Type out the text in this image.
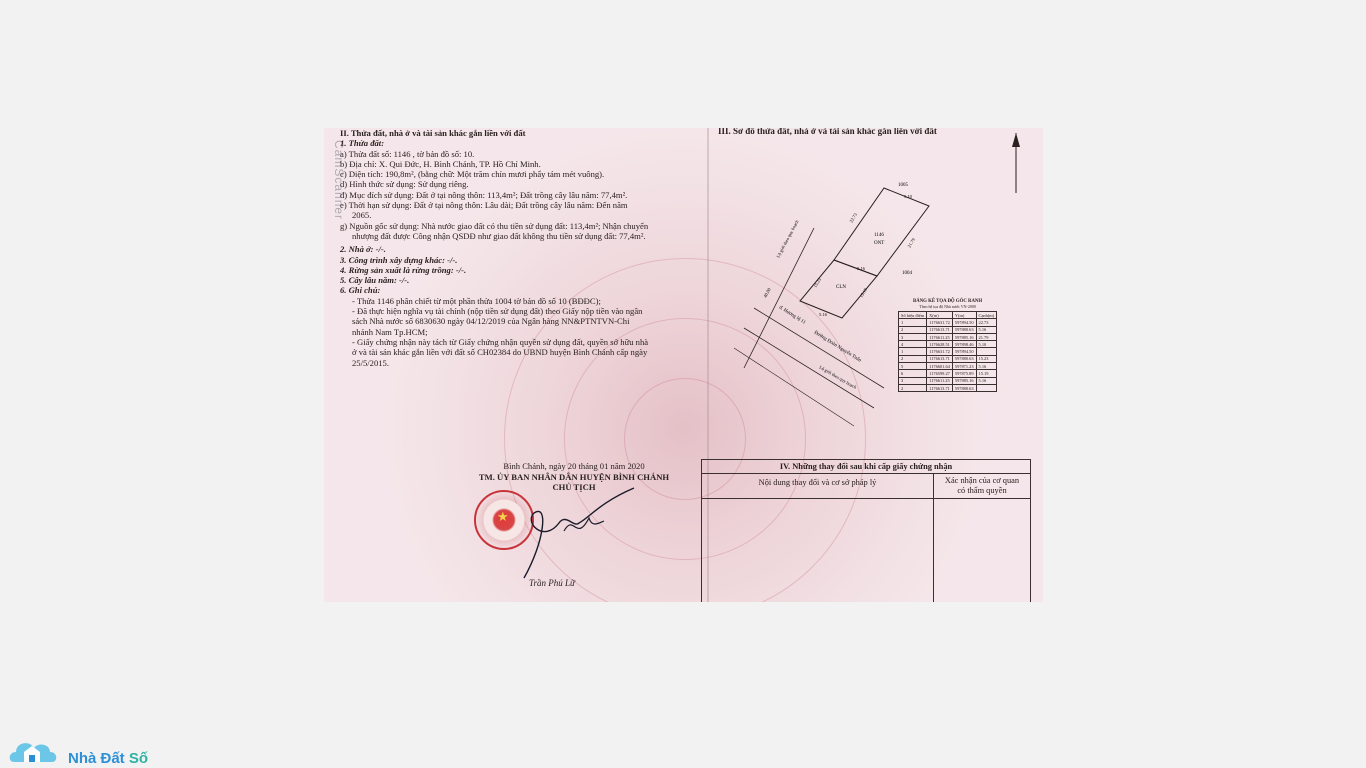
CamScanner

II. Thửa đất, nhà ở và tài sản khác gắn liền với đất

1. Thửa đất:

a) Thửa đất số: 1146 , tờ bản đồ số: 10.

b) Địa chỉ: X. Qui Đức, H. Bình Chánh, TP. Hồ Chí Minh.

c) Diện tích: 190,8m², (bằng chữ: Một trăm chín mươi phẩy tám mét vuông).

d) Hình thức sử dụng: Sử dụng riêng.

đ) Mục đích sử dụng: Đất ở tại nông thôn: 113,4m²; Đất trồng cây lâu năm: 77,4m².

e) Thời hạn sử dụng: Đất ở tại nông thôn: Lâu dài; Đất trồng cây lâu năm: Đến năm

2065.

g) Nguồn gốc sử dụng: Nhà nước giao đất có thu tiền sử dụng đất: 113,4m²; Nhận chuyển

nhượng đất được Công nhận QSDĐ như giao đất không thu tiền sử dụng đất: 77,4m².

2. Nhà ở: -/-.

3. Công trình xây dựng khác: -/-.

4. Rừng sản xuất là rừng trồng: -/-.

5. Cây lâu năm: -/-.

6. Ghi chú:

- Thửa 1146 phân chiết từ một phần thửa 1004 tờ bản đồ số 10 (BĐĐC);

- Đã thực hiện nghĩa vụ tài chính (nộp tiền sử dụng đất) theo Giấy nộp tiền vào ngân

sách Nhà nước số 6830630 ngày 04/12/2019 của Ngân hàng NN&PTNTVN-Chi

nhánh Nam Tp.HCM;

- Giấy chứng nhận này tách từ Giấy chứng nhận quyền sử dụng đất, quyền sở hữu nhà

ở và tài sản khác gắn liền với đất số CH02384 do UBND huyện Bình Chánh cấp ngày

25/5/2015.

Bình Chánh, ngày 20 tháng 01 năm 2020
TM. ỦY BAN NHÂN DÂN HUYỆN BÌNH CHÁNH
CHỦ TỊCH
★
Trần Phú Lữ
III. Sơ đồ thửa đất, nhà ở và tài sản khác gắn liền với đất
1005
1004
1146
ONT
CLN
Lộ giới theo quy hoạch
Lộ giới theo quy hoạch
Đường Đoàn Nguyễn Tuấn
đ. Hương lộ 11
5.10
22.73
21.79
5.16
15.23
15.19
5.16
40.00
BẢNG KÊ TỌA ĐỘ GÓC RANH
Theo hệ tọa độ Nhà nước VN-2000
Số hiệu điểm	X(m)	Y(m)	Cạnh(m)
1	1176631.72	597894.50	22.73
2	1176613.71	597880.63	5.16
3	1176611.25	597885.16	21.79
4	1176628.51	597898.46	5.10
1	1176631.72	597894.50	
2	1176613.71	597880.63	15.23
5	1176601.64	597871.23	5.16
6	1176599.27	597875.89	15.19
3	1176611.25	597885.16	5.16
2	1176613.71	597880.63	
IV. Những thay đổi sau khi cấp giấy chứng nhận
Nội dung thay đổi và cơ sở pháp lý	Xác nhận của cơ quan
có thẩm quyền
Nhà Đất Số
